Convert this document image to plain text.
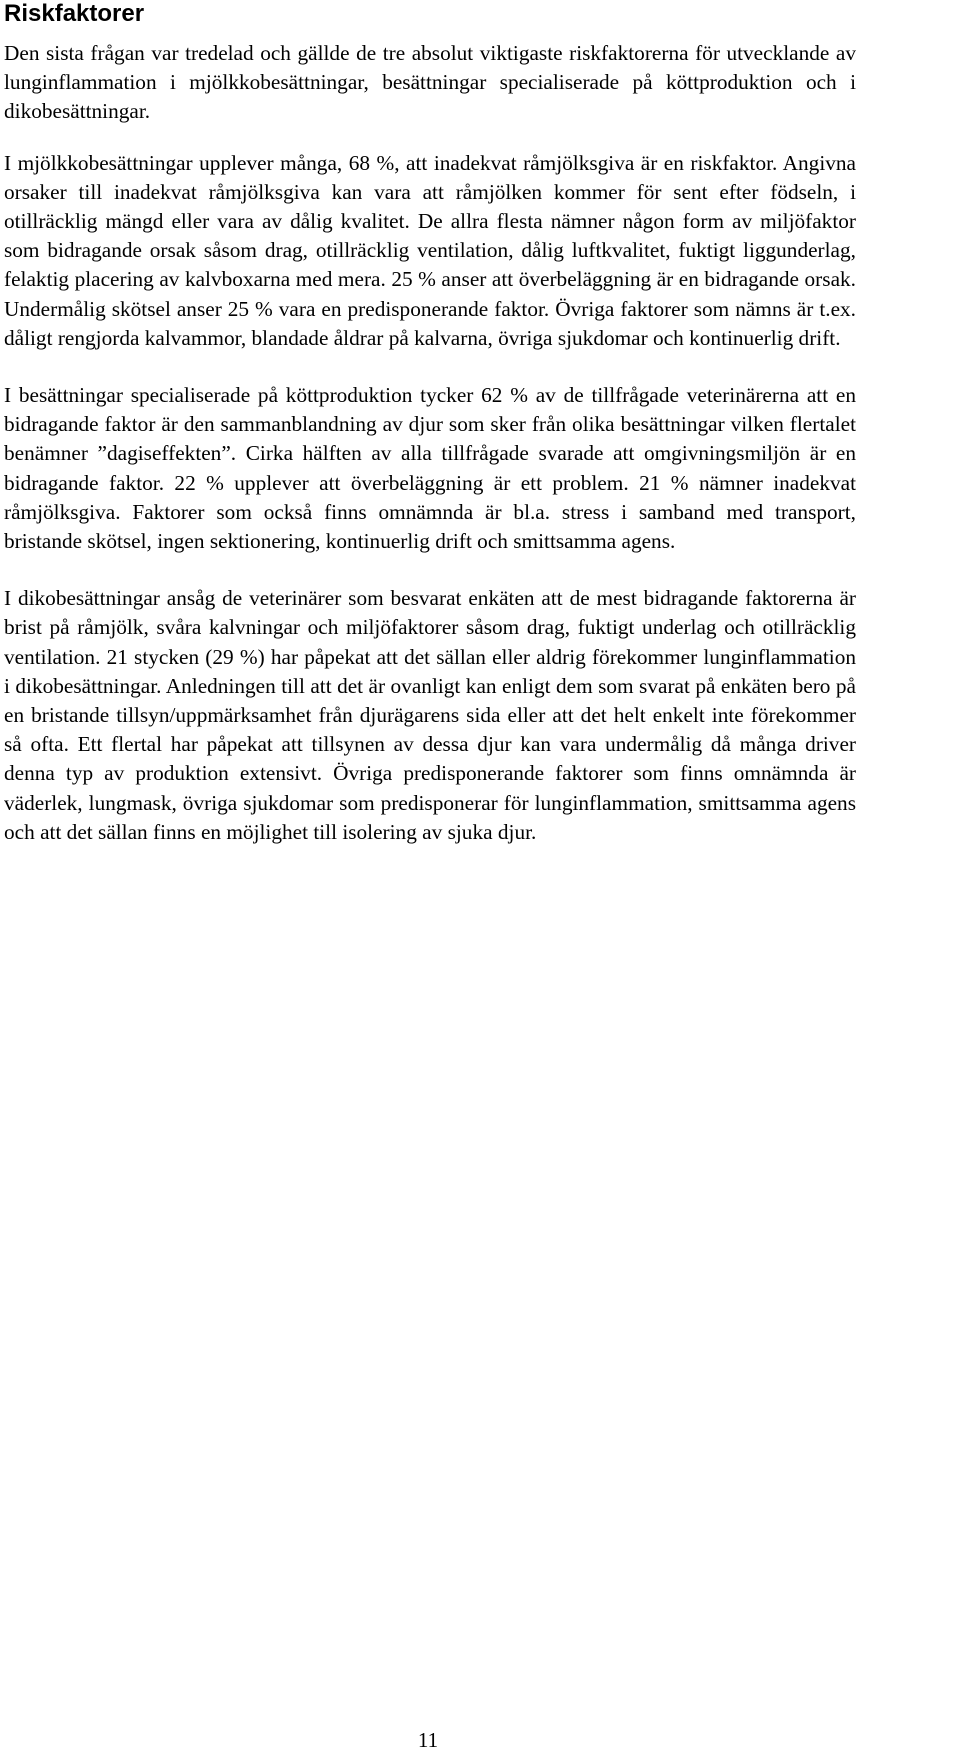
Riskfaktorer

Den sista frågan var tredelad och gällde de tre absolut viktigaste riskfaktorerna för utvecklande av lunginflammation i mjölkkobesättningar, besättningar specialiserade på köttproduktion och i dikobesättningar.

I mjölkkobesättningar upplever många, 68 %, att inadekvat råmjölksgiva är en riskfaktor. Angivna orsaker till inadekvat råmjölksgiva kan vara att råmjölken kommer för sent efter födseln, i otillräcklig mängd eller vara av dålig kvalitet. De allra flesta nämner någon form av miljöfaktor som bidragande orsak såsom drag, otillräcklig ventilation, dålig luftkvalitet, fuktigt liggunderlag, felaktig placering av kalvboxarna med mera. 25 % anser att överbeläggning är en bidragande orsak. Undermålig skötsel anser 25 % vara en predisponerande faktor. Övriga faktorer som nämns är t.ex. dåligt rengjorda kalvammor, blandade åldrar på kalvarna, övriga sjukdomar och kontinuerlig drift.

I besättningar specialiserade på köttproduktion tycker 62 % av de tillfrågade veterinärerna att en bidragande faktor är den sammanblandning av djur som sker från olika besättningar vilken flertalet benämner ”dagiseffekten”. Cirka hälften av alla tillfrågade svarade att omgivningsmiljön är en bidragande faktor. 22 % upplever att överbeläggning är ett problem. 21 % nämner inadekvat råmjölksgiva. Faktorer som också finns omnämnda är bl.a. stress i samband med transport, bristande skötsel, ingen sektionering, kontinuerlig drift och smittsamma agens.

I dikobesättningar ansåg de veterinärer som besvarat enkäten att de mest bidragande faktorerna är brist på råmjölk, svåra kalvningar och miljöfaktorer såsom drag, fuktigt underlag och otillräcklig ventilation. 21 stycken (29 %) har påpekat att det sällan eller aldrig förekommer lunginflammation i dikobesättningar. Anledningen till att det är ovanligt kan enligt dem som svarat på enkäten bero på en bristande tillsyn/uppmärksamhet från djurägarens sida eller att det helt enkelt inte förekommer så ofta. Ett flertal har påpekat att tillsynen av dessa djur kan vara undermålig då många driver denna typ av produktion extensivt. Övriga predisponerande faktorer som finns omnämnda är väderlek, lungmask, övriga sjukdomar som predisponerar för lunginflammation, smittsamma agens och att det sällan finns en möjlighet till isolering av sjuka djur.

11
